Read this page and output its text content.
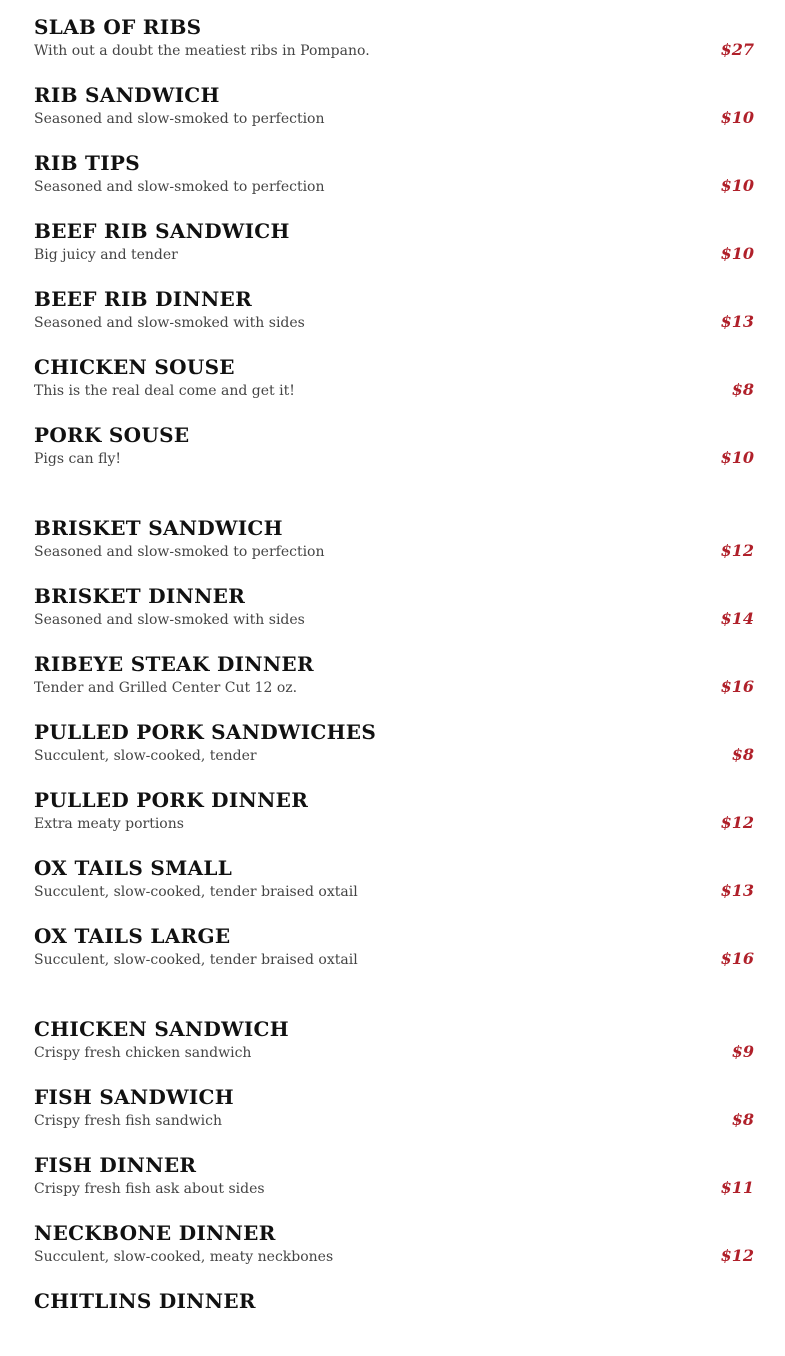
SLAB OF RIBS
With out a doubt the meatiest ribs in Pompano.	$27
RIB SANDWICH
Seasoned and slow-smoked to perfection	$10
RIB TIPS
Seasoned and slow-smoked to perfection	$10
BEEF RIB SANDWICH
Big juicy and tender	$10
BEEF RIB DINNER
Seasoned and slow-smoked with sides	$13
CHICKEN SOUSE
This is the real deal come and get it!	$8
PORK SOUSE
Pigs can fly!	$10
BRISKET SANDWICH
Seasoned and slow-smoked to perfection	$12
BRISKET DINNER
Seasoned and slow-smoked with sides	$14
RIBEYE STEAK DINNER
Tender and Grilled Center Cut 12 oz.	$16
PULLED PORK SANDWICHES
Succulent, slow-cooked, tender	$8
PULLED PORK DINNER
Extra meaty portions	$12
OX TAILS SMALL
Succulent, slow-cooked, tender braised oxtail	$13
OX TAILS LARGE
Succulent, slow-cooked, tender braised oxtail	$16
CHICKEN SANDWICH
Crispy fresh chicken sandwich	$9
FISH SANDWICH
Crispy fresh fish sandwich	$8
FISH DINNER
Crispy fresh fish ask about sides	$11
NECKBONE DINNER
Succulent, slow-cooked, meaty neckbones	$12
CHITLINS DINNER
